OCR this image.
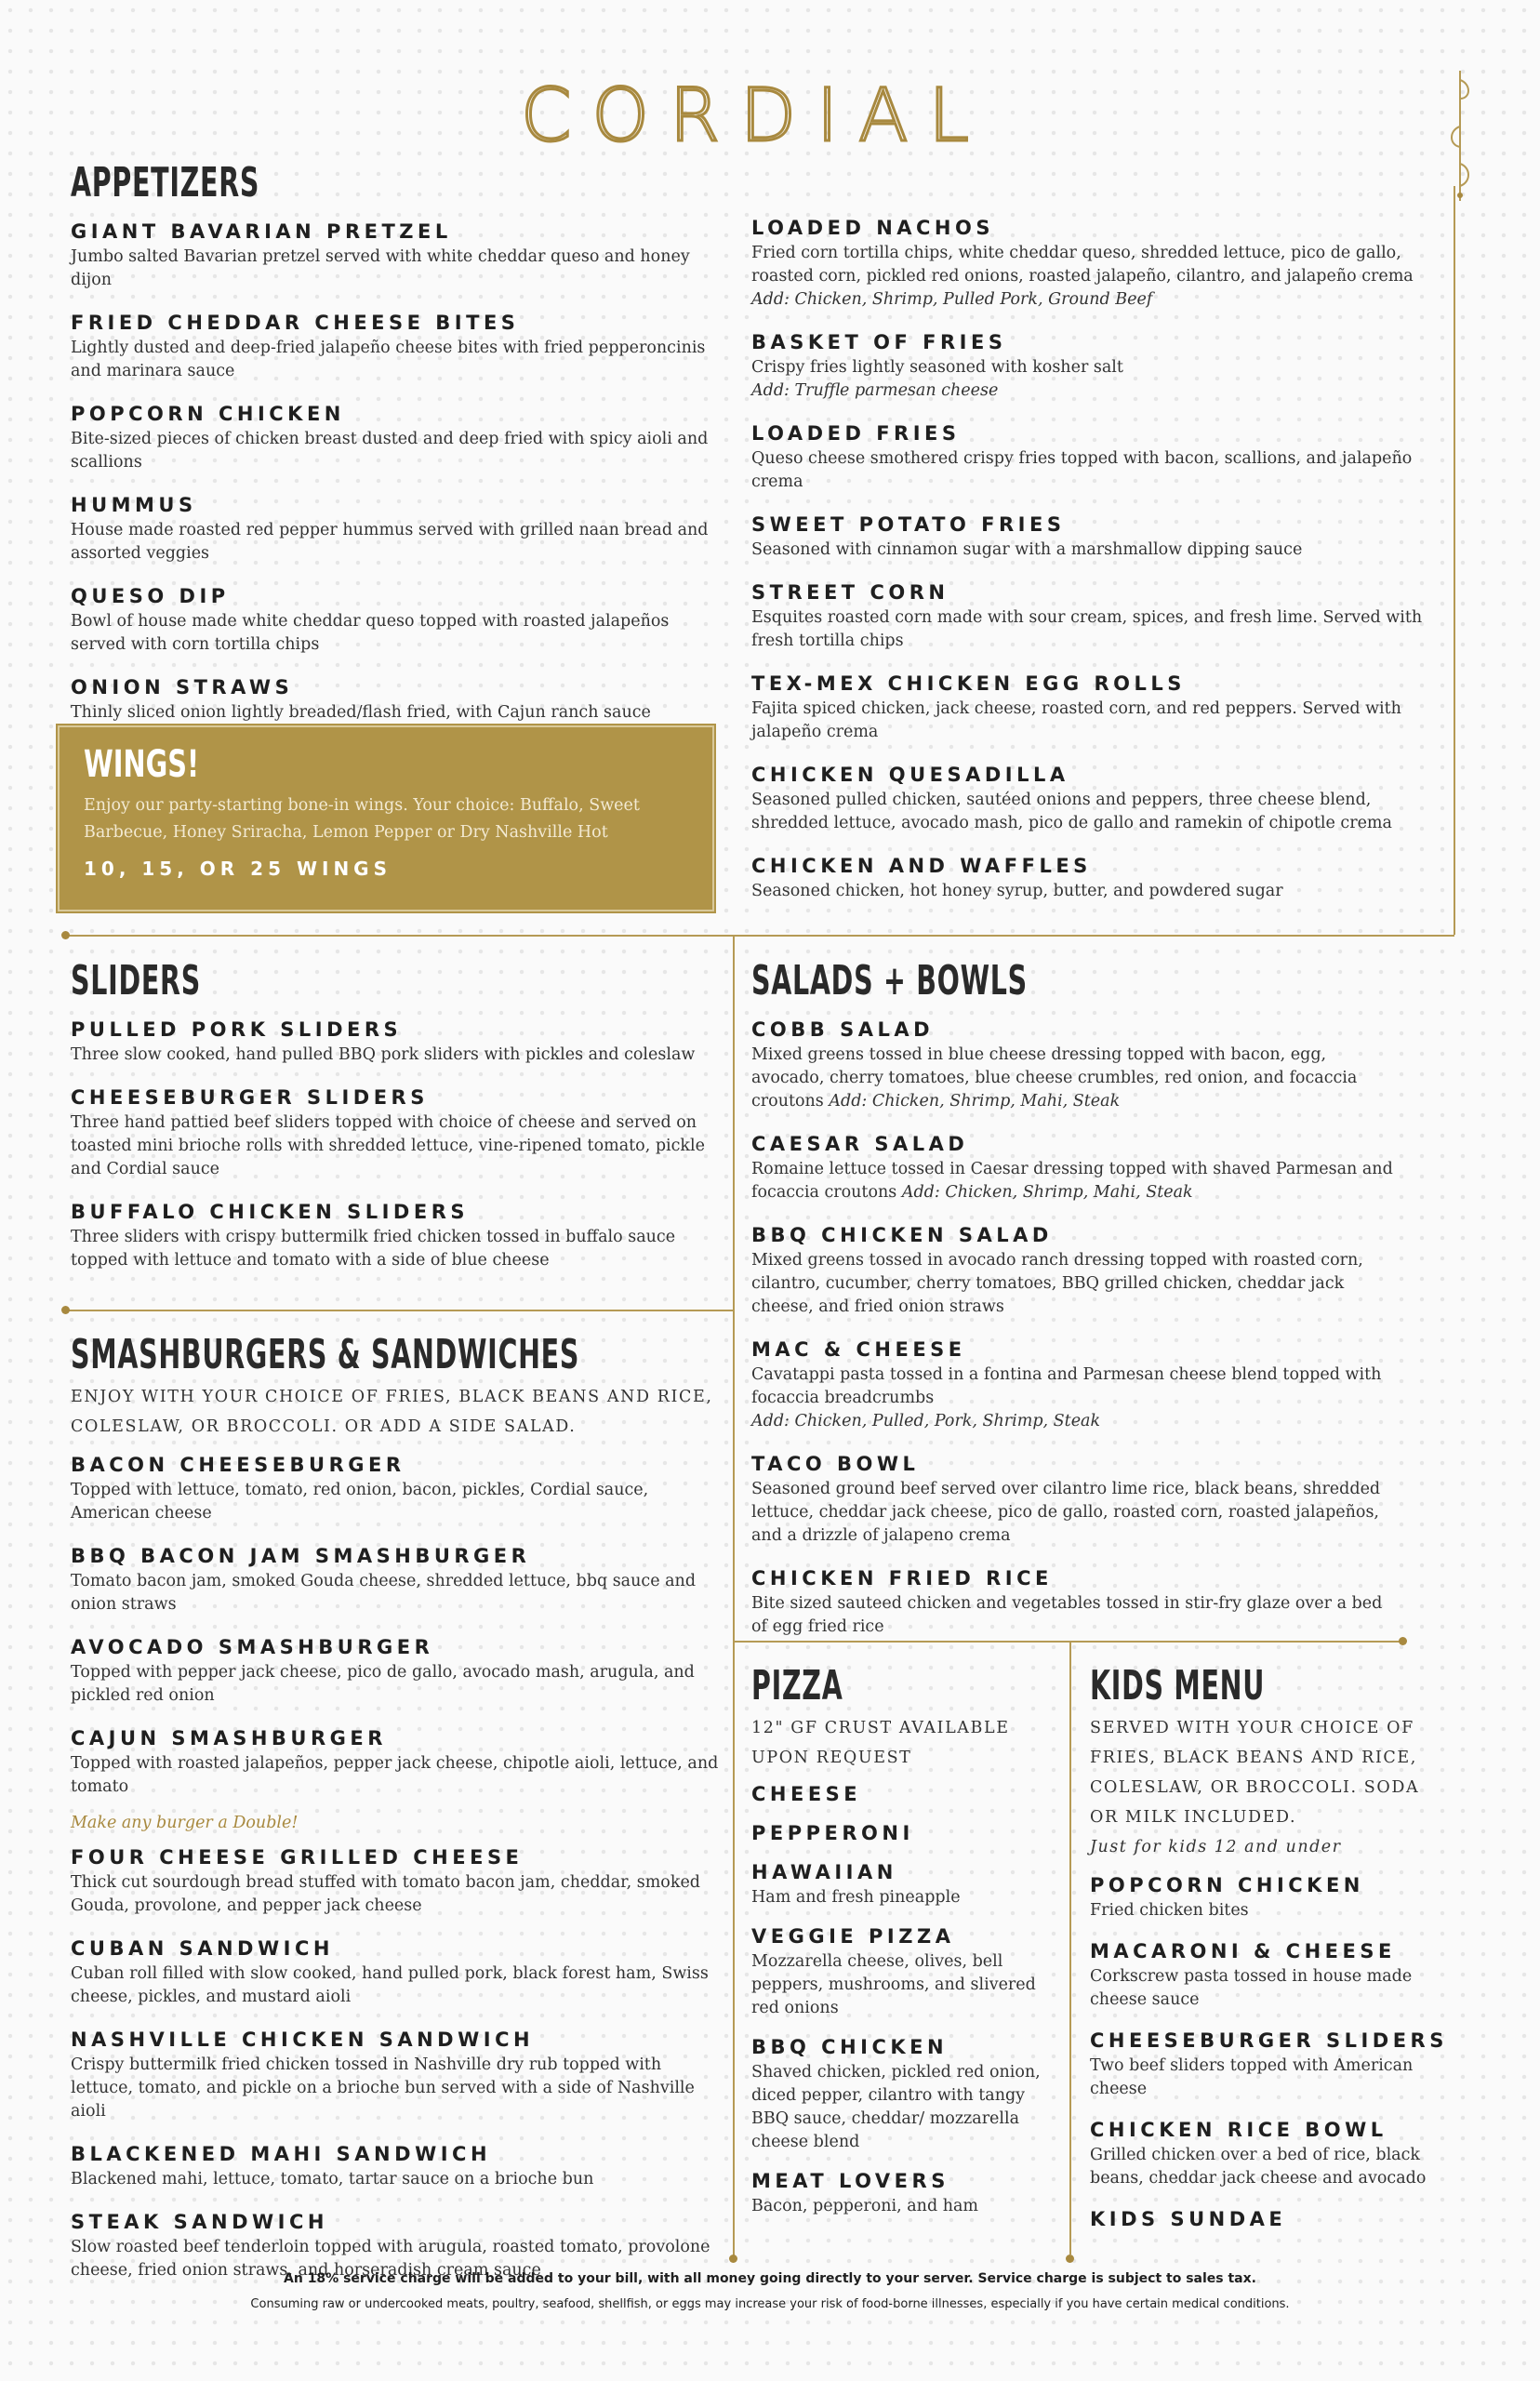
CORDIAL
APPETIZERS
GIANT BAVARIAN PRETZEL
Jumbo salted Bavarian pretzel served with white cheddar queso and honey dijon
FRIED CHEDDAR CHEESE BITES
Lightly dusted and deep-fried jalapeño cheese bites with fried pepperoncinis and marinara sauce
POPCORN CHICKEN
Bite-sized pieces of chicken breast dusted and deep fried with spicy aioli and scallions
HUMMUS
House made roasted red pepper hummus served with grilled naan bread and assorted veggies
QUESO DIP
Bowl of house made white cheddar queso topped with roasted jalapeños served with corn tortilla chips
ONION STRAWS
Thinly sliced onion lightly breaded/flash fried, with Cajun ranch sauce
LOADED NACHOS
Fried corn tortilla chips, white cheddar queso, shredded lettuce, pico de gallo, roasted corn, pickled red onions, roasted jalapeño, cilantro, and jalapeño crema
Add: Chicken, Shrimp, Pulled Pork, Ground Beef
BASKET OF FRIES
Crispy fries lightly seasoned with kosher salt
Add: Truffle parmesan cheese
LOADED FRIES
Queso cheese smothered crispy fries topped with bacon, scallions, and jalapeño crema
SWEET POTATO FRIES
Seasoned with cinnamon sugar with a marshmallow dipping sauce
STREET CORN
Esquites roasted corn made with sour cream, spices, and fresh lime. Served with fresh tortilla chips
TEX-MEX CHICKEN EGG ROLLS
Fajita spiced chicken, jack cheese, roasted corn, and red peppers. Served with jalapeño crema
CHICKEN QUESADILLA
Seasoned pulled chicken, sautéed onions and peppers, three cheese blend, shredded lettuce, avocado mash, pico de gallo and ramekin of chipotle crema
CHICKEN AND WAFFLES
Seasoned chicken, hot honey syrup, butter, and powdered sugar
WINGS!
Enjoy our party-starting bone-in wings. Your choice: Buffalo, Sweet Barbecue, Honey Sriracha, Lemon Pepper or Dry Nashville Hot
10, 15, OR 25 WINGS
SLIDERS
PULLED PORK SLIDERS
Three slow cooked, hand pulled BBQ pork sliders with pickles and coleslaw
CHEESEBURGER SLIDERS
Three hand pattied beef sliders topped with choice of cheese and served on toasted mini brioche rolls with shredded lettuce, vine-ripened tomato, pickle and Cordial sauce
BUFFALO CHICKEN SLIDERS
Three sliders with crispy buttermilk fried chicken tossed in buffalo sauce topped with lettuce and tomato with a side of blue cheese
SMASHBURGERS & SANDWICHES
ENJOY WITH YOUR CHOICE OF FRIES, BLACK BEANS AND RICE, COLESLAW, OR BROCCOLI. OR ADD A SIDE SALAD.
BACON CHEESEBURGER
Topped with lettuce, tomato, red onion, bacon, pickles, Cordial sauce, American cheese
BBQ BACON JAM SMASHBURGER
Tomato bacon jam, smoked Gouda cheese, shredded lettuce, bbq sauce and onion straws
AVOCADO SMASHBURGER
Topped with pepper jack cheese, pico de gallo, avocado mash, arugula, and pickled red onion
CAJUN SMASHBURGER
Topped with roasted jalapeños, pepper jack cheese, chipotle aioli, lettuce, and tomato
Make any burger a Double!
FOUR CHEESE GRILLED CHEESE
Thick cut sourdough bread stuffed with tomato bacon jam, cheddar, smoked Gouda, provolone, and pepper jack cheese
CUBAN SANDWICH
Cuban roll filled with slow cooked, hand pulled pork, black forest ham, Swiss cheese, pickles, and mustard aioli
NASHVILLE CHICKEN SANDWICH
Crispy buttermilk fried chicken tossed in Nashville dry rub topped with lettuce, tomato, and pickle on a brioche bun served with a side of Nashville aioli
BLACKENED MAHI SANDWICH
Blackened mahi, lettuce, tomato, tartar sauce on a brioche bun
STEAK SANDWICH
Slow roasted beef tenderloin topped with arugula, roasted tomato, provolone cheese, fried onion straws, and horseradish cream sauce
SALADS + BOWLS
COBB SALAD
Mixed greens tossed in blue cheese dressing topped with bacon, egg, avocado, cherry tomatoes, blue cheese crumbles, red onion, and focaccia croutons Add: Chicken, Shrimp, Mahi, Steak
CAESAR SALAD
Romaine lettuce tossed in Caesar dressing topped with shaved Parmesan and focaccia croutons Add: Chicken, Shrimp, Mahi, Steak
BBQ CHICKEN SALAD
Mixed greens tossed in avocado ranch dressing topped with roasted corn, cilantro, cucumber, cherry tomatoes, BBQ grilled chicken, cheddar jack cheese, and fried onion straws
MAC & CHEESE
Cavatappi pasta tossed in a fontina and Parmesan cheese blend topped with focaccia breadcrumbs
Add: Chicken, Pulled, Pork, Shrimp, Steak
TACO BOWL
Seasoned ground beef served over cilantro lime rice, black beans, shredded lettuce, cheddar jack cheese, pico de gallo, roasted corn, roasted jalapeños, and a drizzle of jalapeno crema
CHICKEN FRIED RICE
Bite sized sauteed chicken and vegetables tossed in stir-fry glaze over a bed of egg fried rice
PIZZA
12" GF CRUST AVAILABLE UPON REQUEST
CHEESE
PEPPERONI
HAWAIIAN
Ham and fresh pineapple
VEGGIE PIZZA
Mozzarella cheese, olives, bell peppers, mushrooms, and slivered red onions
BBQ CHICKEN
Shaved chicken, pickled red onion, diced pepper, cilantro with tangy BBQ sauce, cheddar/ mozzarella cheese blend
MEAT LOVERS
Bacon, pepperoni, and ham
KIDS MENU
SERVED WITH YOUR CHOICE OF FRIES, BLACK BEANS AND RICE, COLESLAW, OR BROCCOLI. SODA OR MILK INCLUDED.
Just for kids 12 and under
POPCORN CHICKEN
Fried chicken bites
MACARONI & CHEESE
Corkscrew pasta tossed in house made cheese sauce
CHEESEBURGER SLIDERS
Two beef sliders topped with American cheese
CHICKEN RICE BOWL
Grilled chicken over a bed of rice, black beans, cheddar jack cheese and avocado
KIDS SUNDAE
An 18% service charge will be added to your bill, with all money going directly to your server. Service charge is subject to sales tax.
Consuming raw or undercooked meats, poultry, seafood, shellfish, or eggs may increase your risk of food-borne illnesses, especially if you have certain medical conditions.
